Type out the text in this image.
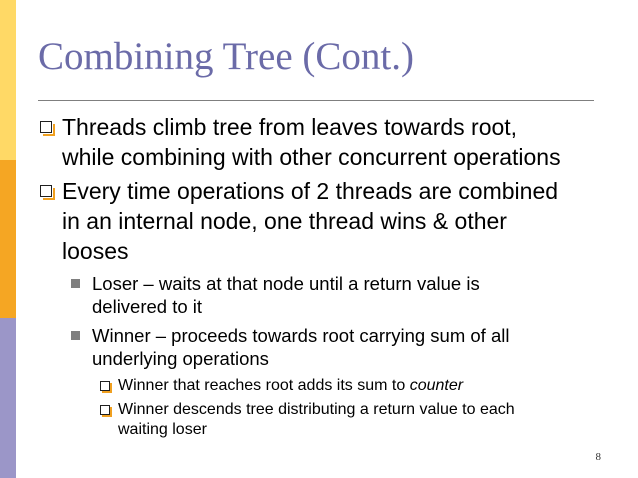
Combining Tree (Cont.)
Threads climb tree from leaves towards root,
while combining with other concurrent operations
Every time operations of 2 threads are combined
in an internal node, one thread wins & other
looses
Loser – waits at that node until a return value is
delivered to it
Winner – proceeds towards root carrying sum of all
underlying operations
Winner that reaches root adds its sum to counter
Winner descends tree distributing a return value to each
waiting loser
8
